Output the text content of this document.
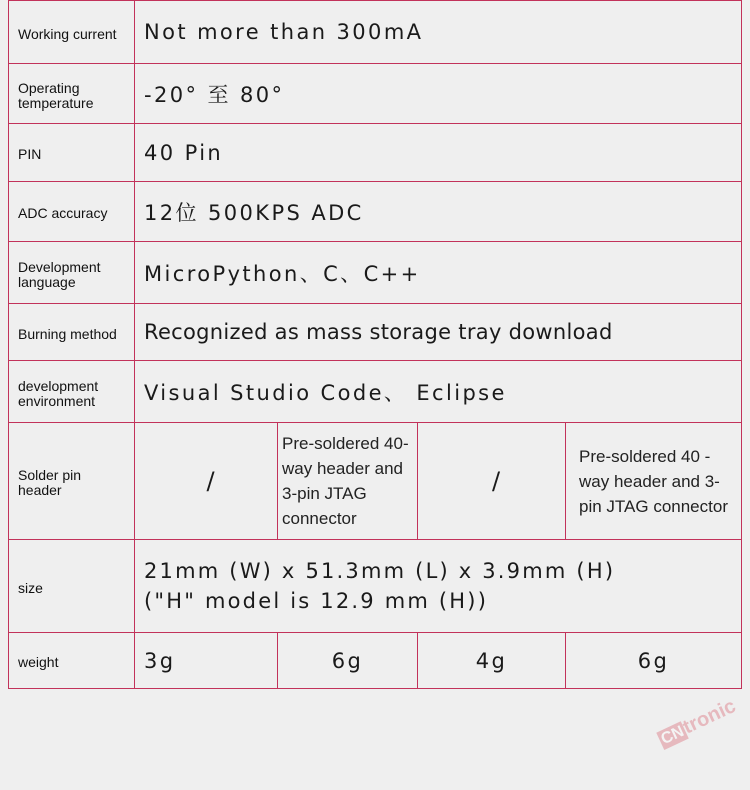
Working current	Not more than 300mA			
Operating temperature	-20° 至 80°			
PIN	40 Pin			
ADC accuracy	12位 500KPS ADC			
Development language	MicroPython、C、C++			
Burning method	Recognized as mass storage tray download			
development environment	Visual Studio Code、 Eclipse			
Solder pin header	/	Pre-soldered 40-way header and 3-pin JTAG connector	/	Pre-soldered 40 -way header and 3-pin JTAG connector
size	21mm (W) x 51.3mm (L) x 3.9mm (H)
("H" model is 12.9 mm (H))			

weight	3g	6g	4g	6g
CNtronic
